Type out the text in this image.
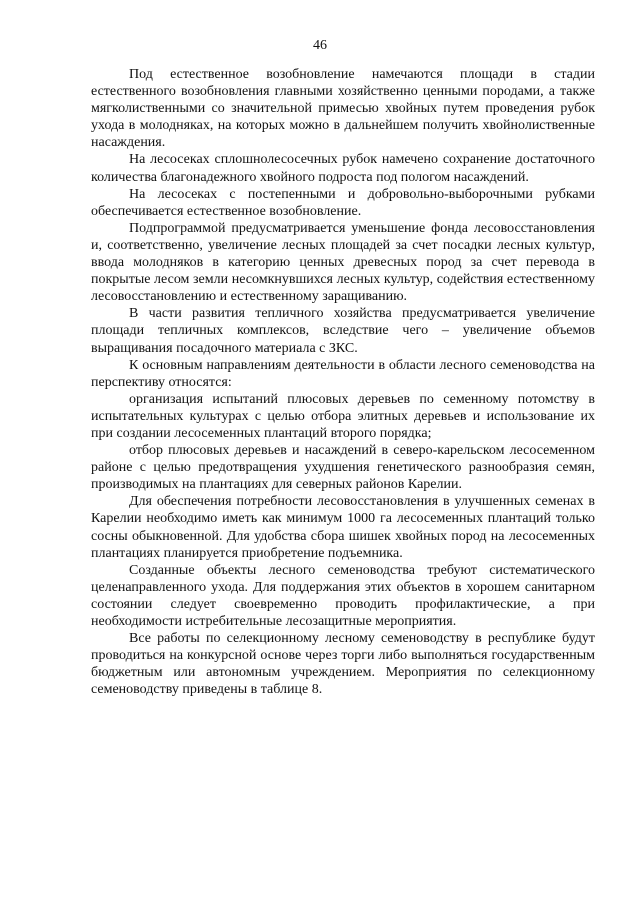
46

Под естественное возобновление намечаются площади в стадии естественного возобновления главными хозяйственно ценными породами, а также мягколиственными со значительной примесью хвойных путем проведения рубок ухода в молодняках, на которых можно в дальнейшем получить хвойнолиственные насаждения.

На лесосеках сплошнолесосечных рубок намечено сохранение достаточного количества благонадежного хвойного подроста под пологом насаждений.

На лесосеках с постепенными и добровольно-выборочными рубками обеспечивается естественное возобновление.

Подпрограммой предусматривается уменьшение фонда лесовосстановления и, соответственно, увеличение лесных площадей за счет посадки лесных культур, ввода молодняков в категорию ценных древесных пород за счет перевода в покрытые лесом земли несомкнувшихся лесных культур, содействия естественному лесовосстановлению и естественному заращиванию.

В части развития тепличного хозяйства предусматривается увеличение площади тепличных комплексов, вследствие чего – увеличение объемов выращивания посадочного материала с ЗКС.

К основным направлениям деятельности в области лесного семеноводства на перспективу относятся:

организация испытаний плюсовых деревьев по семенному потомству в испытательных культурах с целью отбора элитных деревьев и использование их при создании лесосеменных плантаций второго порядка;

отбор плюсовых деревьев и насаждений в северо-карельском лесосеменном районе с целью предотвращения ухудшения генетического разнообразия семян, производимых на плантациях для северных районов Карелии.

Для обеспечения потребности лесовосстановления в улучшенных семенах в Карелии необходимо иметь как минимум 1000 га лесосеменных плантаций только сосны обыкновенной. Для удобства сбора шишек хвойных пород на лесосеменных плантациях планируется приобретение подъемника.

Созданные объекты лесного семеноводства требуют систематического целенаправленного ухода. Для поддержания этих объектов в хорошем санитарном состоянии следует своевременно проводить профилактические, а при необходимости истребительные лесозащитные мероприятия.

Все работы по селекционному лесному семеноводству в республике будут проводиться на конкурсной основе через торги либо выполняться государственным бюджетным или автономным учреждением. Мероприятия по селекционному семеноводству приведены в таблице 8.
